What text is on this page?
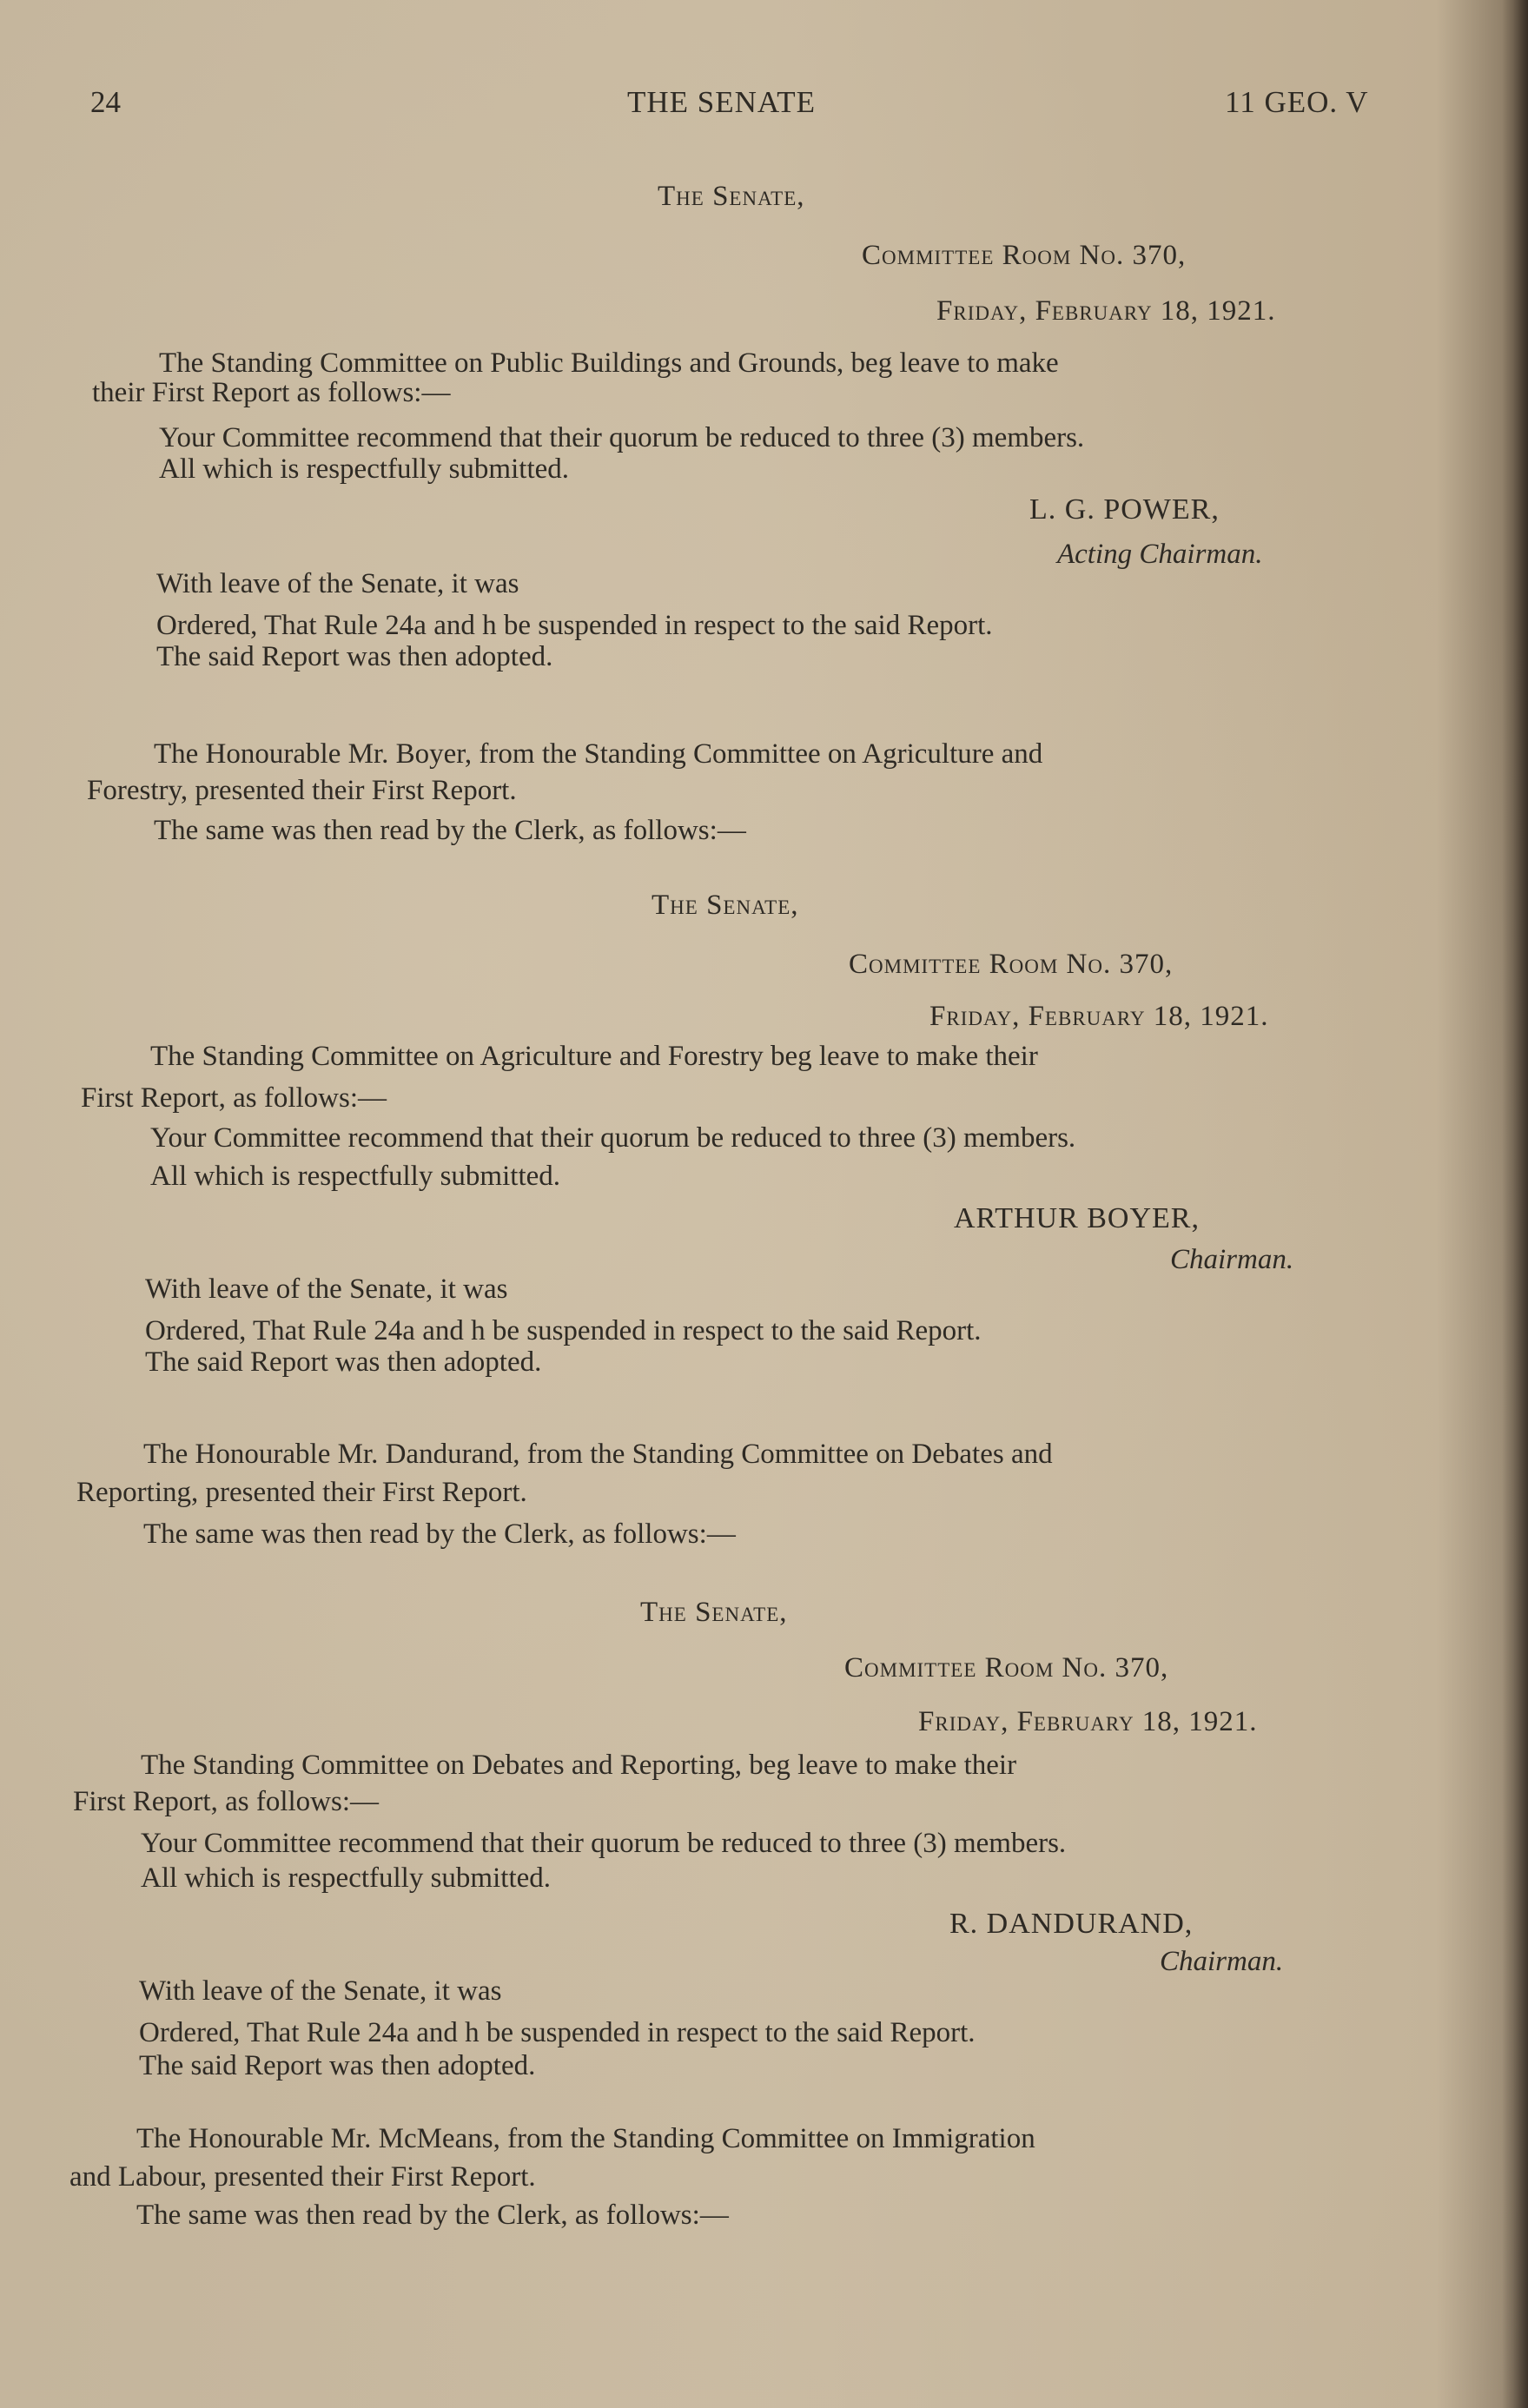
24	THE SENATE	11 GEO. V
The Senate,
Committee Room No. 370,
Friday, February 18, 1921.
The Standing Committee on Public Buildings and Grounds, beg leave to make
their First Report as follows:—
Your Committee recommend that their quorum be reduced to three (3) members.
All which is respectfully submitted.
L. G. POWER,
Acting Chairman.
With leave of the Senate, it was
Ordered, That Rule 24a and h be suspended in respect to the said Report.
The said Report was then adopted.
The Honourable Mr. Boyer, from the Standing Committee on Agriculture and
Forestry, presented their First Report.
The same was then read by the Clerk, as follows:—
The Senate,
Committee Room No. 370,
Friday, February 18, 1921.
The Standing Committee on Agriculture and Forestry beg leave to make their
First Report, as follows:—
Your Committee recommend that their quorum be reduced to three (3) members.
All which is respectfully submitted.
ARTHUR BOYER,
Chairman.
With leave of the Senate, it was
Ordered, That Rule 24a and h be suspended in respect to the said Report.
The said Report was then adopted.
The Honourable Mr. Dandurand, from the Standing Committee on Debates and
Reporting, presented their First Report.
The same was then read by the Clerk, as follows:—
The Senate,
Committee Room No. 370,
Friday, February 18, 1921.
The Standing Committee on Debates and Reporting, beg leave to make their
First Report, as follows:—
Your Committee recommend that their quorum be reduced to three (3) members.
All which is respectfully submitted.
R. DANDURAND,
Chairman.
With leave of the Senate, it was
Ordered, That Rule 24a and h be suspended in respect to the said Report.
The said Report was then adopted.
The Honourable Mr. McMeans, from the Standing Committee on Immigration
and Labour, presented their First Report.
The same was then read by the Clerk, as follows:—
